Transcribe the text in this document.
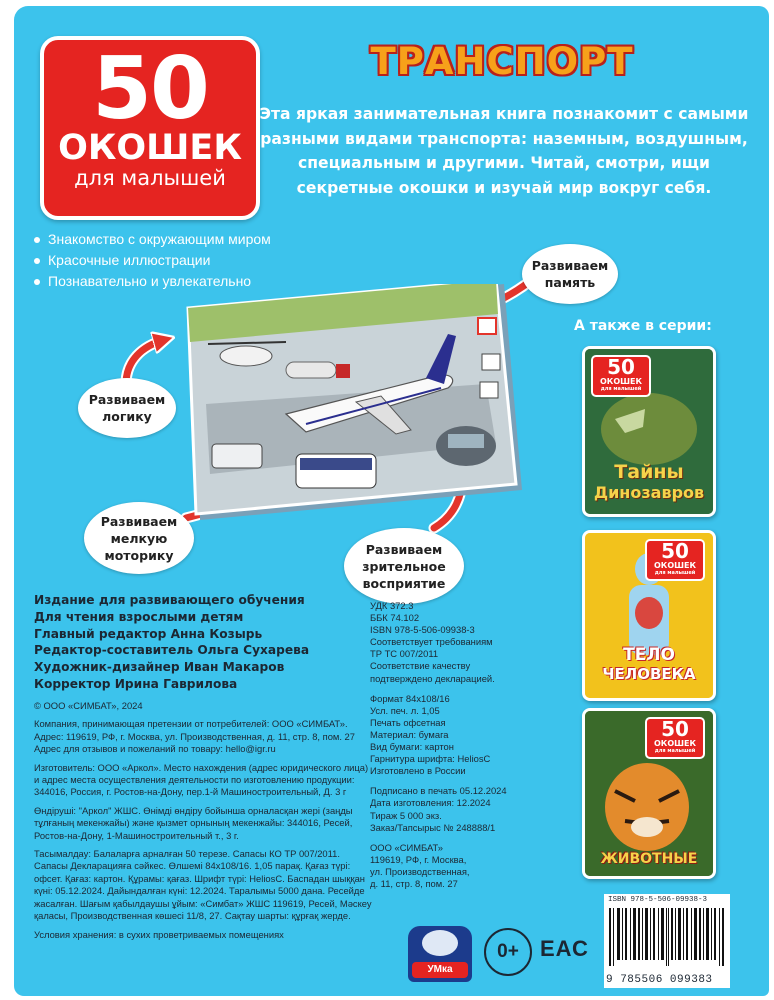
50
ОКОШЕК
для малышей
ТРАНСПОРТ
Эта яркая занимательная книга познакомит с самыми разными видами транспорта: наземным, воздушным, специальным и другими. Читай, смотри, ищи секретные окошки и изучай мир вокруг себя.
Знакомство с окружающим миром
Красочные иллюстрации
Познавательно и увлекательно
Развиваем
память
Развиваем
логику
Развиваем
мелкую
моторику	Развиваем
зрительное
восприятие
А также в серии:
50
ОКОШЕК
для малышей
Тайны
Динозавров
50
ОКОШЕК
для малышей
ТЕЛО
ЧЕЛОВЕКА
50
ОКОШЕК
для малышей
ЖИВОТНЫЕ
Издание для развивающего обучения
Для чтения взрослыми детям
Главный редактор Анна Козырь
Редактор-составитель Ольга Сухарева
Художник-дизайнер Иван Макаров
Корректор Ирина Гаврилова

© ООО «СИМБАТ», 2024

Компания, принимающая претензии от потребителей: ООО «СИМБАТ». Адрес: 119619, РФ, г. Москва, ул. Производственная, д. 11, стр. 8, пом. 27

Адрес для отзывов и пожеланий по товару: hello@igr.ru

Изготовитель: ООО «Аркол». Место нахождения (адрес юридического лица) и адрес места осуществления деятельности по изготовлению продукции: 344016, Россия, г. Ростов-на-Дону, пер.1-й Машиностроительный, Д. 3 г

Өндіруші: "Аркол" ЖШС. Өнімді өндіру бойынша орналасқан жері (заңды тұлғаның мекенжайы) және қызмет орнының мекенжайы: 344016, Ресей, Ростов-на-Дону, 1-Машиностроительный т., 3 г.

Тасымалдау: Балаларға арналған 50 терезе. Сапасы КО ТР 007/2011. Сапасы Декларацияға сәйкес. Өлшемі 84х108/16. 1,05 парақ. Қағаз түрі: офсет. Қағаз: картон. Құрамы: қағаз. Шрифт түрі: HeliosC. Баспадан шыққан күні: 05.12.2024. Дайындалған күні: 12.2024. Таралымы 5000 дана. Ресейде жасалған. Шағым қабылдаушы ұйым: «Симбат» ЖШС 119619, Ресей, Мәскеу қаласы, Производственная көшесі 11/8, 27. Сақтау шарты: құрғақ жерде.

Условия хранения: в сухих проветриваемых помещениях

УДК 372.3
ББК 74.102
ISBN 978-5-506-09938-3
Соответствует требованиям
ТР ТС 007/2011
Соответствие качеству
подтверждено декларацией.
Формат 84х108/16
Усл. печ. л. 1,05
Печать офсетная
Материал: бумага
Вид бумаги: картон
Гарнитура шрифта: HeliosC
Изготовлено в России
Подписано в печать 05.12.2024
Дата изготовления: 12.2024
Тираж 5 000 экз.
Заказ/Тапсырыс № 248888/1
ООО «СИМБАТ»
119619, РФ, г. Москва,
ул. Производственная,
д. 11, стр. 8, пом. 27
УМка
0+ ЕАС
ISBN 978-5-506-09938-3
9 785506 099383
